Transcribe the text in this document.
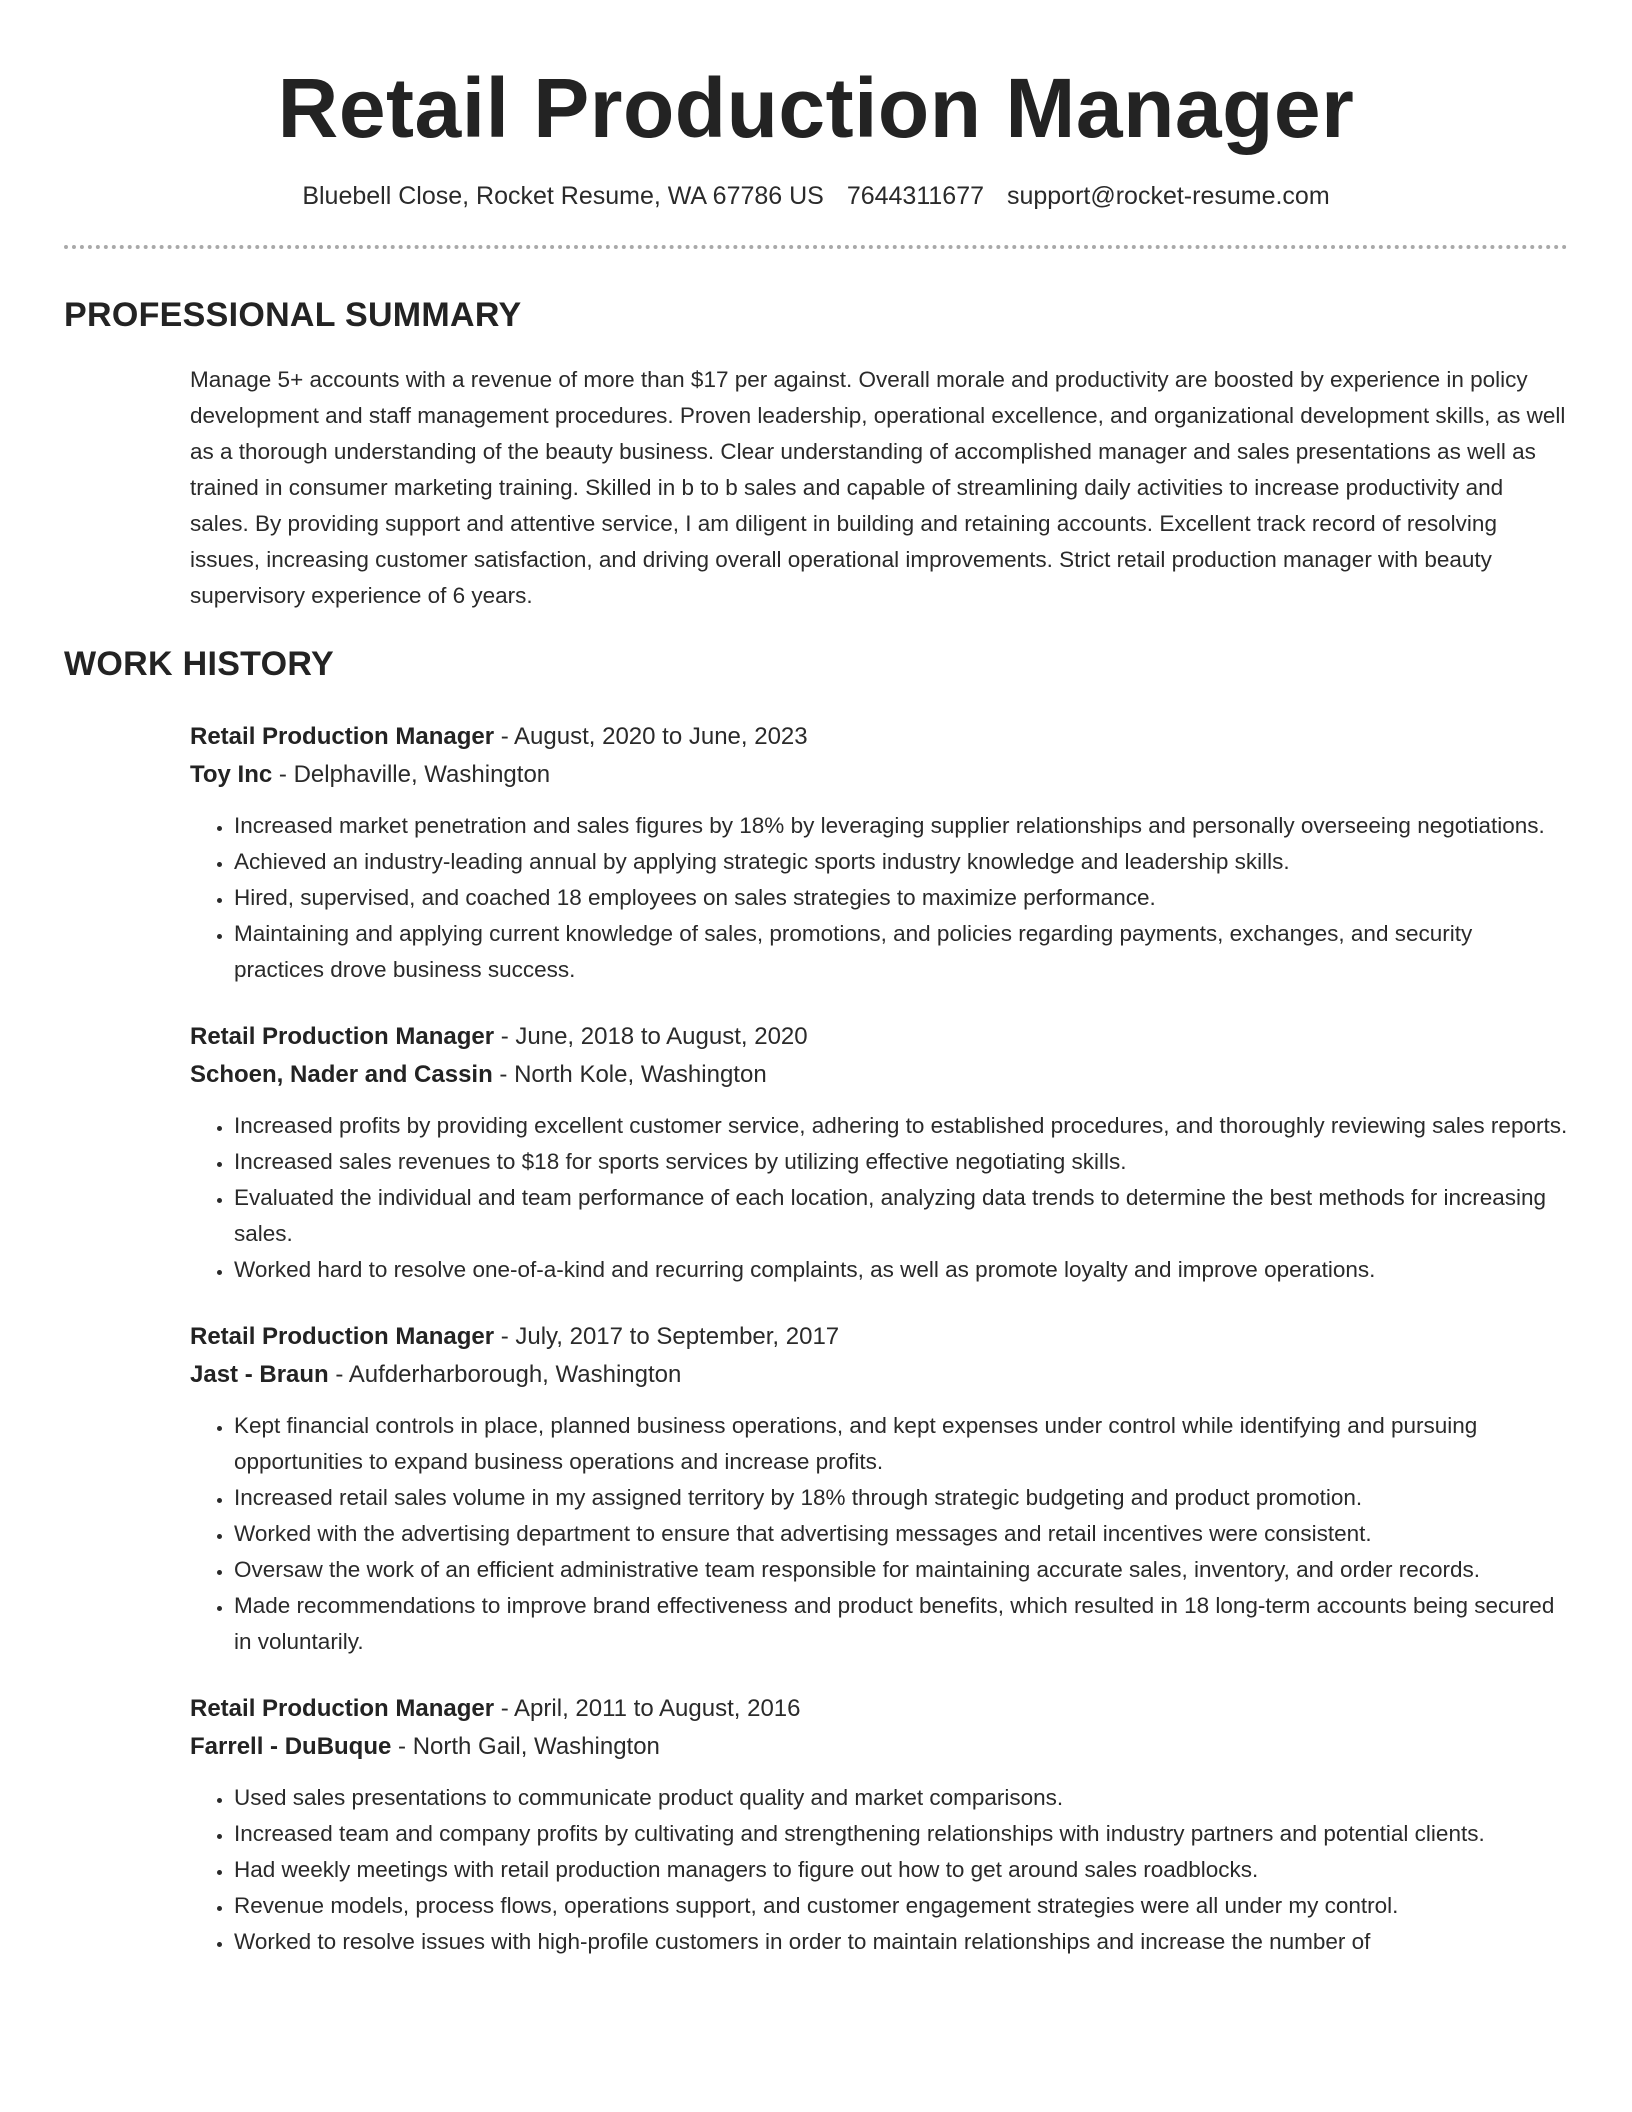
Retail Production Manager
Bluebell Close, Rocket Resume, WA 67786 US 7644311677 support@rocket-resume.com
PROFESSIONAL SUMMARY
Manage 5+ accounts with a revenue of more than $17 per against. Overall morale and productivity are boosted by experience in policy development and staff management procedures. Proven leadership, operational excellence, and organizational development skills, as well as a thorough understanding of the beauty business. Clear understanding of accomplished manager and sales presentations as well as trained in consumer marketing training. Skilled in b to b sales and capable of streamlining daily activities to increase productivity and sales. By providing support and attentive service, I am diligent in building and retaining accounts. Excellent track record of resolving issues, increasing customer satisfaction, and driving overall operational improvements. Strict retail production manager with beauty supervisory experience of 6 years.
WORK HISTORY
Retail Production Manager - August, 2020 to June, 2023
Toy Inc - Delphaville, Washington
• Increased market penetration and sales figures by 18% by leveraging supplier relationships and personally overseeing negotiations.
• Achieved an industry-leading annual by applying strategic sports industry knowledge and leadership skills.
• Hired, supervised, and coached 18 employees on sales strategies to maximize performance.
• Maintaining and applying current knowledge of sales, promotions, and policies regarding payments, exchanges, and security practices drove business success.
Retail Production Manager - June, 2018 to August, 2020
Schoen, Nader and Cassin - North Kole, Washington
• Increased profits by providing excellent customer service, adhering to established procedures, and thoroughly reviewing sales reports.
• Increased sales revenues to $18 for sports services by utilizing effective negotiating skills.
• Evaluated the individual and team performance of each location, analyzing data trends to determine the best methods for increasing sales.
• Worked hard to resolve one-of-a-kind and recurring complaints, as well as promote loyalty and improve operations.
Retail Production Manager - July, 2017 to September, 2017
Jast - Braun - Aufderharborough, Washington
• Kept financial controls in place, planned business operations, and kept expenses under control while identifying and pursuing opportunities to expand business operations and increase profits.
• Increased retail sales volume in my assigned territory by 18% through strategic budgeting and product promotion.
• Worked with the advertising department to ensure that advertising messages and retail incentives were consistent.
• Oversaw the work of an efficient administrative team responsible for maintaining accurate sales, inventory, and order records.
• Made recommendations to improve brand effectiveness and product benefits, which resulted in 18 long-term accounts being secured in voluntarily.
Retail Production Manager - April, 2011 to August, 2016
Farrell - DuBuque - North Gail, Washington
• Used sales presentations to communicate product quality and market comparisons.
• Increased team and company profits by cultivating and strengthening relationships with industry partners and potential clients.
• Had weekly meetings with retail production managers to figure out how to get around sales roadblocks.
• Revenue models, process flows, operations support, and customer engagement strategies were all under my control.
• Worked to resolve issues with high-profile customers in order to maintain relationships and increase the number of
